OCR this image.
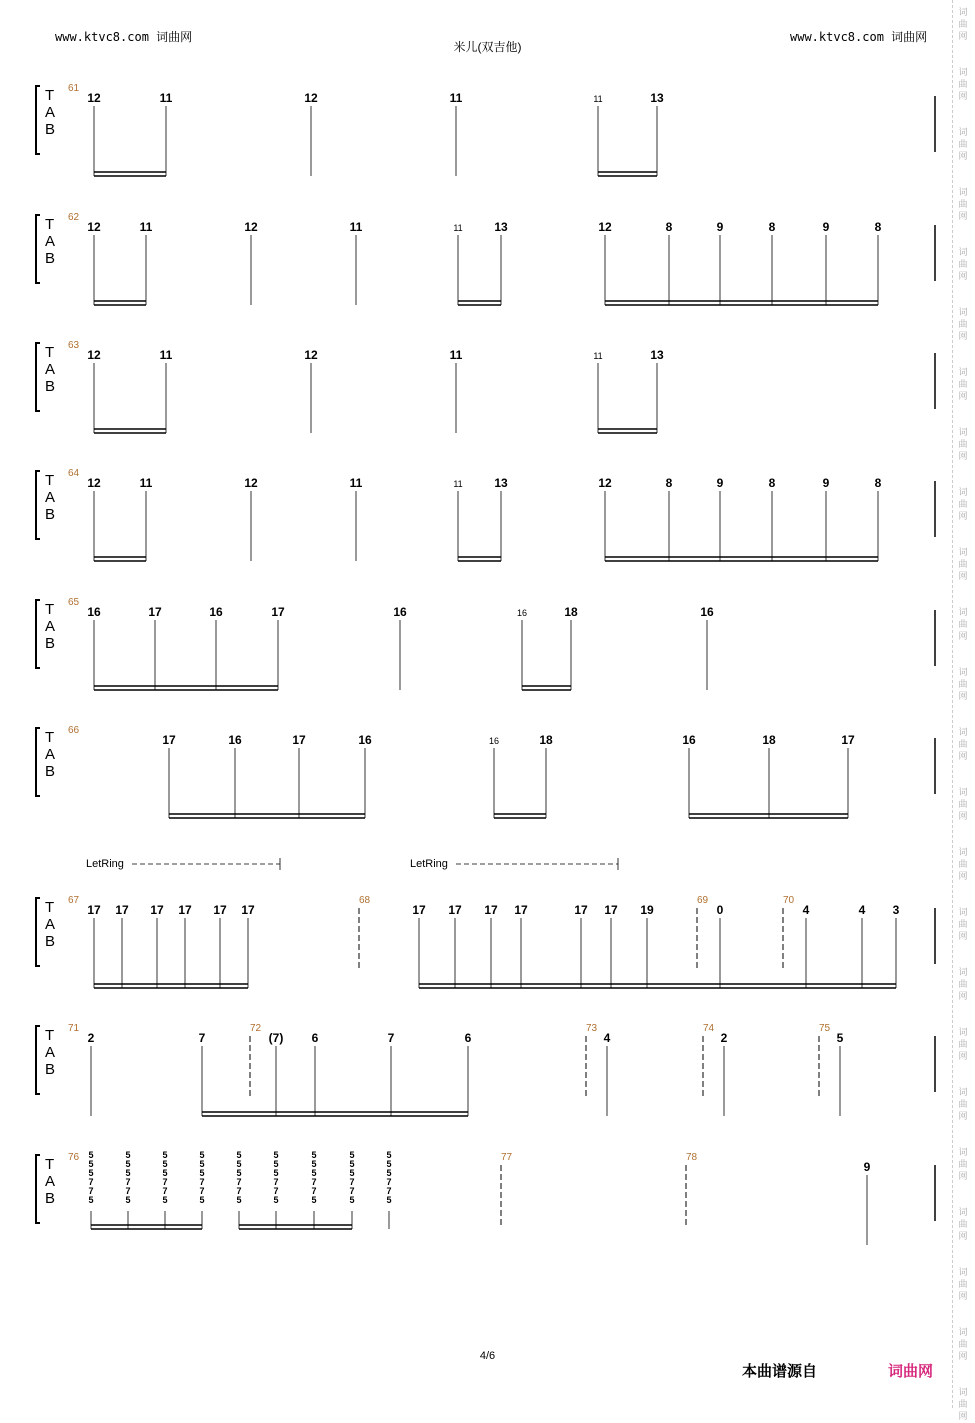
www.ktvc8.com 词曲网	www.ktvc8.com 词曲网
米儿(双吉他)
词
曲
网
词
曲
网
词
曲
网
词
曲
网
词
曲
网
词
曲
网
词
曲
网
词
曲
网
词
曲
网
词
曲
网
词
曲
网
词
曲
网
词
曲
网
词
曲
网
词
曲
网
词
曲
网
词
曲
网
词
曲
网
词
曲
网
词
曲
网
词
曲
网
词
曲
网
词
曲
网
词
曲
网
T
A
B
61
12	11	12	11	11	13
T
A
B
62
12	11	12	11	11	13	12	8	9	8	9	8
T
A
B
63
12	11	12	11	11	13
T
A
B
64
12	11	12	11	11	13	12	8	9	8	9	8
T
A
B
65
16	17	16	17	16	16	18	16
T
A
B
66
17	16	17	16	16	18	16	18	17
T
A
B
67	68	69	70
17 17 17 17 17 17	17 17 17 17	17 17 19	0	4	4 3
T
A
B
71	72	73	74	75
2	7	(7) 6	7	6	4	2	5
T
A
B
76	77	78
9
5
5
5
7
7
5
5
5
5
7
7
5
5
5
5
7
7
5
5
5
5
7
7
5
5
5
5
7
7
5
5
5
5
7
7
5
5
5
5
7
7
5
5
5
5
7
7
5
5
5
5
7
7
5
LetRing	LetRing
4/6
本曲谱源自	词曲网
